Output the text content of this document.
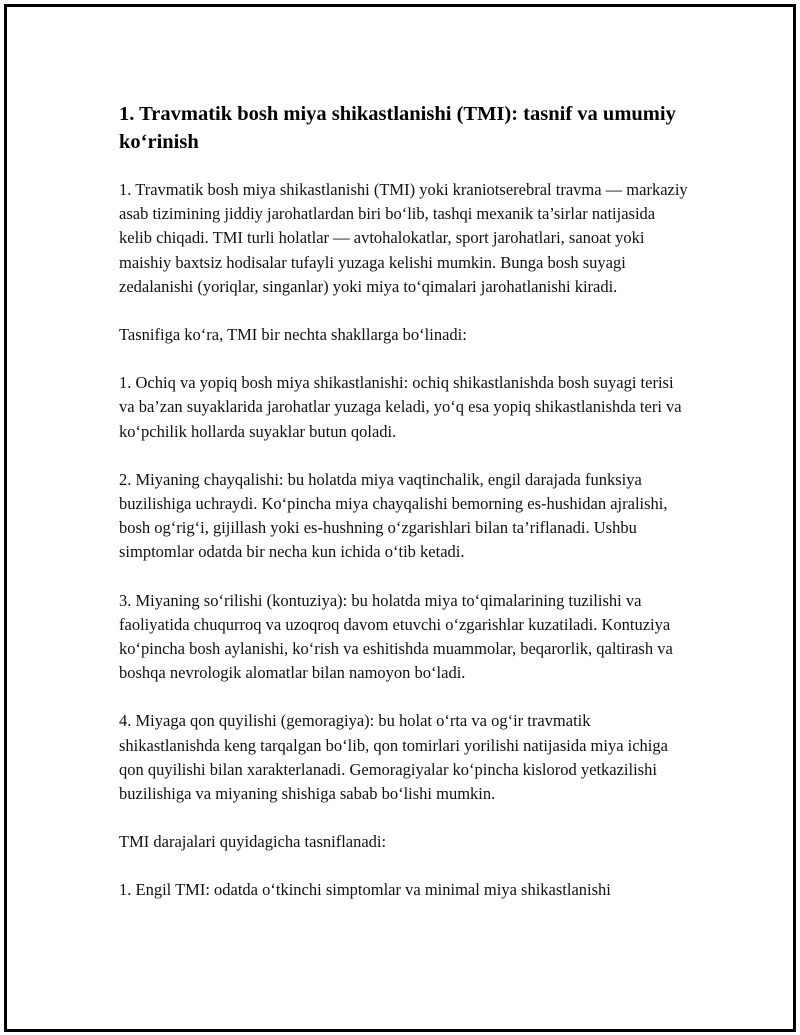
1. Travmatik bosh miya shikastlanishi (TMI): tasnif va umumiy ko‘rinish

1. Travmatik bosh miya shikastlanishi (TMI) yoki kraniotserebral travma — markaziy asab tizimining jiddiy jarohatlardan biri bo‘lib, tashqi mexanik ta’sirlar natijasida kelib chiqadi. TMI turli holatlar — avtohalokatlar, sport jarohatlari, sanoat yoki maishiy baxtsiz hodisalar tufayli yuzaga kelishi mumkin. Bunga bosh suyagi zedalanishi (yoriqlar, singanlar) yoki miya to‘qimalari jarohatlanishi kiradi.

Tasnifiga ko‘ra, TMI bir nechta shakllarga bo‘linadi:

1. Ochiq va yopiq bosh miya shikastlanishi: ochiq shikastlanishda bosh suyagi terisi va ba’zan suyaklarida jarohatlar yuzaga keladi, yo‘q esa yopiq shikastlanishda teri va ko‘pchilik hollarda suyaklar butun qoladi.

2. Miyaning chayqalishi: bu holatda miya vaqtinchalik, engil darajada funksiya buzilishiga uchraydi. Ko‘pincha miya chayqalishi bemorning es-hushidan ajralishi, bosh og‘rig‘i, gijillash yoki es-hushning o‘zgarishlari bilan ta’riflanadi. Ushbu simptomlar odatda bir necha kun ichida o‘tib ketadi.

3. Miyaning so‘rilishi (kontuziya): bu holatda miya to‘qimalarining tuzilishi va faoliyatida chuqurroq va uzoqroq davom etuvchi o‘zgarishlar kuzatiladi. Kontuziya ko‘pincha bosh aylanishi, ko‘rish va eshitishda muammolar, beqarorlik, qaltirash va boshqa nevrologik alomatlar bilan namoyon bo‘ladi.

4. Miyaga qon quyilishi (gemoragiya): bu holat o‘rta va og‘ir travmatik shikastlanishda keng tarqalgan bo‘lib, qon tomirlari yorilishi natijasida miya ichiga qon quyilishi bilan xarakterlanadi. Gemoragiyalar ko‘pincha kislorod yetkazilishi buzilishiga va miyaning shishiga sabab bo‘lishi mumkin.

TMI darajalari quyidagicha tasniflanadi:

1. Engil TMI: odatda o‘tkinchi simptomlar va minimal miya shikastlanishi
